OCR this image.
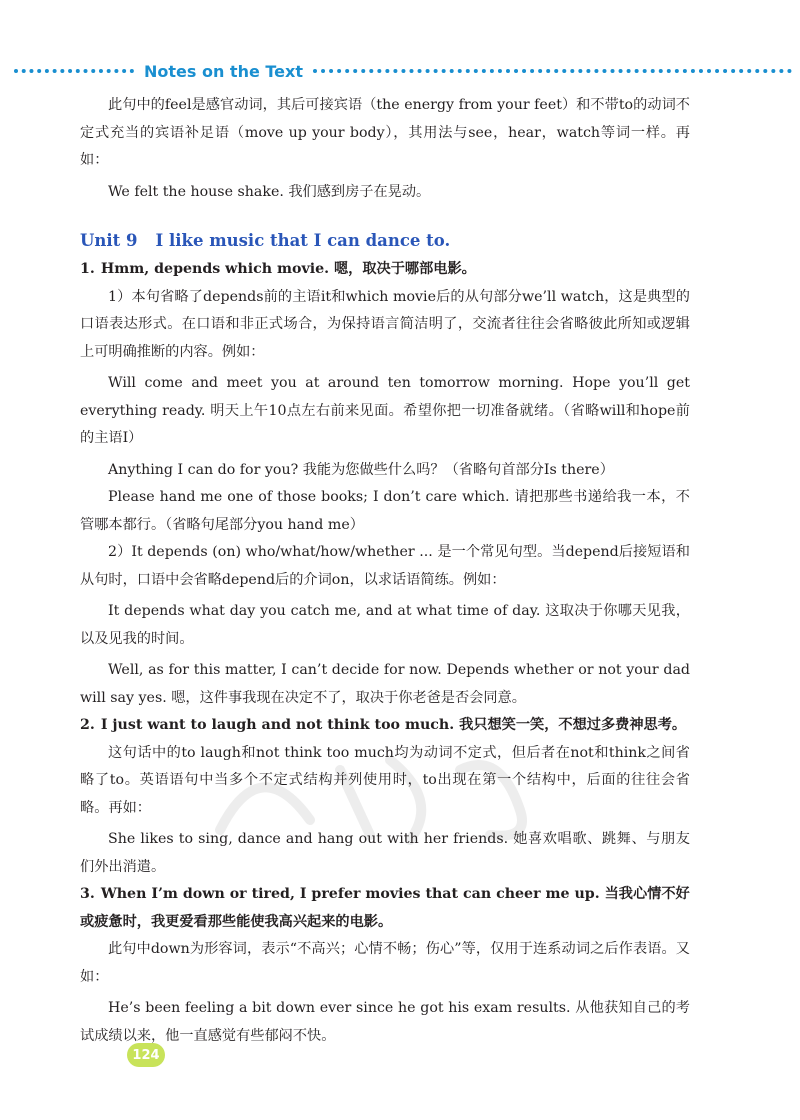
Notes on the Text

此句中的feel是感官动词，其后可接宾语（the energy from your feet）和不带to的动词不定式充当的宾语补足语（move up your body），其用法与see，hear，watch等词一样。再如：

We felt the house shake. 我们感到房子在晃动。

Unit 9 I like music that I can dance to.
1. Hmm, depends which movie. 嗯，取决于哪部电影。

1）本句省略了depends前的主语it和which movie后的从句部分we’ll watch，这是典型的口语表达形式。在口语和非正式场合，为保持语言简洁明了，交流者往往会省略彼此所知或逻辑上可明确推断的内容。例如：

Will come and meet you at around ten tomorrow morning. Hope you’ll get everything ready. 明天上午10点左右前来见面。希望你把一切准备就绪。（省略will和hope前的主语I）

Anything I can do for you? 我能为您做些什么吗？（省略句首部分Is there）

Please hand me one of those books; I don’t care which. 请把那些书递给我一本，不管哪本都行。（省略句尾部分you hand me）

2）It depends (on) who/what/how/whether ... 是一个常见句型。当depend后接短语和从句时，口语中会省略depend后的介词on，以求话语简练。例如：

It depends what day you catch me, and at what time of day. 这取决于你哪天见我，以及见我的时间。

Well, as for this matter, I can’t decide for now. Depends whether or not your dad will say yes. 嗯，这件事我现在决定不了，取决于你老爸是否会同意。

2. I just want to laugh and not think too much. 我只想笑一笑，不想过多费神思考。

这句话中的to laugh和not think too much均为动词不定式，但后者在not和think之间省略了to。英语语句中当多个不定式结构并列使用时，to出现在第一个结构中，后面的往往会省略。再如：

She likes to sing, dance and hang out with her friends. 她喜欢唱歌、跳舞、与朋友们外出消遣。

3. When I’m down or tired, I prefer movies that can cheer me up. 当我心情不好或疲惫时，我更爱看那些能使我高兴起来的电影。

此句中down为形容词，表示“不高兴；心情不畅；伤心”等，仅用于连系动词之后作表语。又如：

He’s been feeling a bit down ever since he got his exam results. 从他获知自己的考试成绩以来，他一直感觉有些郁闷不快。

124
